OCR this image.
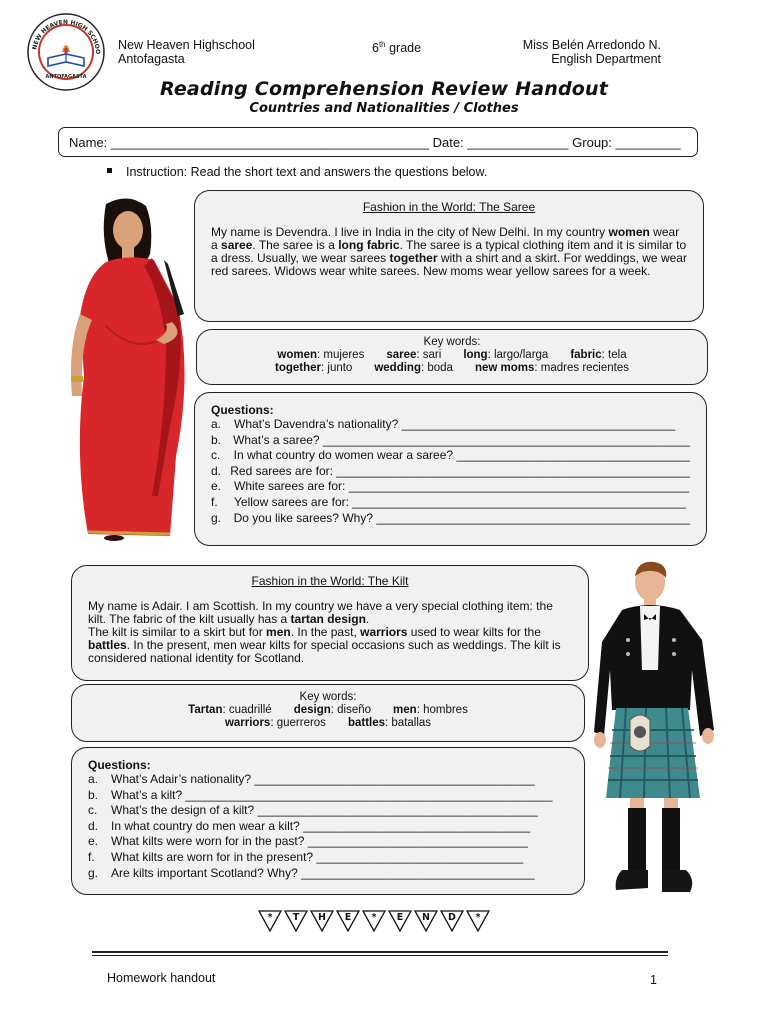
NEW HEAVEN HIGH SCHOO
ANTOFAGASTA
New Heaven Highschool
Antofagasta
6th grade	Miss Belén Arredondo N.
English Department
Reading Comprehension Review Handout
Countries and Nationalities / Clothes
Name: ____________________________________________ Date: ______________ Group: _________
Instruction: Read the short text and answers the questions below.

Fashion in the World: The Saree

My name is Devendra. I live in India in the city of New Delhi. In my country women wear a saree. The saree is a long fabric. The saree is a typical clothing item and it is similar to a dress. Usually, we wear sarees together with a shirt and a skirt. For weddings, we wear red sarees. Widows wear white sarees. New moms wear yellow sarees for a week.

Key words:

women: mujeres saree: sari long: largo/larga fabric: tela
together: junto wedding: boda new moms: madres recientes

Questions:

a.	What’s Davendra’s nationality? _________________________________________
b.	What’s a saree? _______________________________________________________
c.	In what country do women wear a saree? ___________________________________
d. Red sarees are for: _____________________________________________________
e.	White sarees are for: ___________________________________________________
f.	Yellow sarees are for: __________________________________________________
g.	Do you like sarees? Why? _______________________________________________

Fashion in the World: The Kilt

My name is Adair. I am Scottish. In my country we have a very special clothing item: the kilt. The fabric of the kilt usually has a tartan design.
The kilt is similar to a skirt but for men. In the past, warriors used to wear kilts for the battles. In the present, men wear kilts for special occasions such as weddings. The kilt is considered national identity for Scotland.

Key words:

Tartan: cuadrillé design: diseño men: hombres
warriors: guerreros battles: batallas

Questions:

a.	What’s Adair’s nationality? __________________________________________
b.	What’s a kilt? _______________________________________________________
c.	What’s the design of a kilt? __________________________________________
d.	In what country do men wear a kilt? __________________________________
e.	What kilts were worn for in the past? _________________________________
f.	What kilts are worn for in the present? _______________________________
g.	Are kilts important Scotland? Why? ___________________________________
*	T	H	E	*	E	N	D	*
Homework handout	1
